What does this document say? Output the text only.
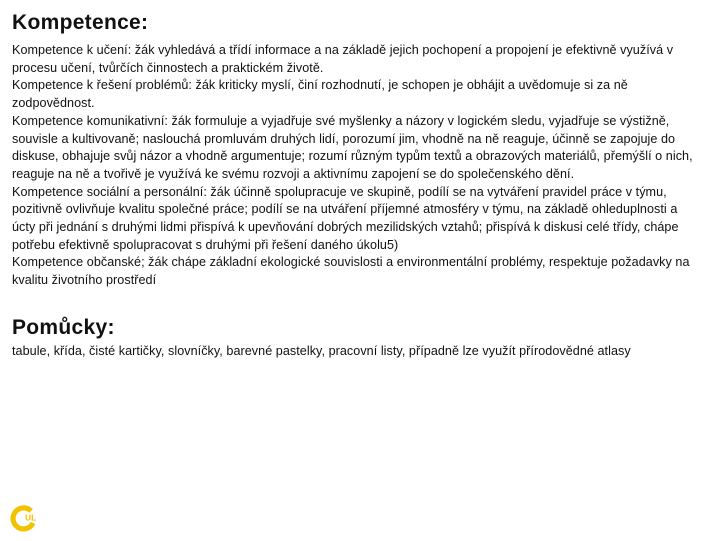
Kompetence:

Kompetence k učení: žák vyhledává a třídí informace a na základě jejich pochopení a propojení je efektivně využívá v procesu učení, tvůrčích činnostech a praktickém životě.

Kompetence k řešení problémů: žák kriticky myslí, činí rozhodnutí, je schopen je obhájit a uvědomuje si za ně zodpovědnost.

Kompetence komunikativní: žák formuluje a vyjadřuje své myšlenky a názory v logickém sledu, vyjadřuje se výstižně, souvisle a kultivovaně; naslouchá promluvám druhých lidí, porozumí jim, vhodně na ně reaguje, účinně se zapojuje do diskuse, obhajuje svůj názor a vhodně argumentuje; rozumí různým typům textů a obrazových materiálů, přemýšlí o nich, reaguje na ně a tvořivě je využívá ke svému rozvoji a aktivnímu zapojení se do společenského dění.

Kompetence sociální a personální: žák účinně spolupracuje ve skupině, podílí se na vytváření pravidel práce v týmu, pozitivně ovlivňuje kvalitu společné práce; podílí se na utváření příjemné atmosféry v týmu, na základě ohleduplnosti a úcty při jednání s druhými lidmi přispívá k upevňování dobrých mezilidských vztahů; přispívá k diskusi celé třídy, chápe potřebu efektivně spolupracovat s druhými při řešení daného úkolu5)

Kompetence občanské; žák chápe základní ekologické souvislosti a environmentální problémy, respektuje požadavky na kvalitu životního prostředí

Pomůcky:

tabule, křída, čisté kartičky, slovníčky, barevné pastelky, pracovní listy, případně lze využít přírodovědné atlasy

UL
